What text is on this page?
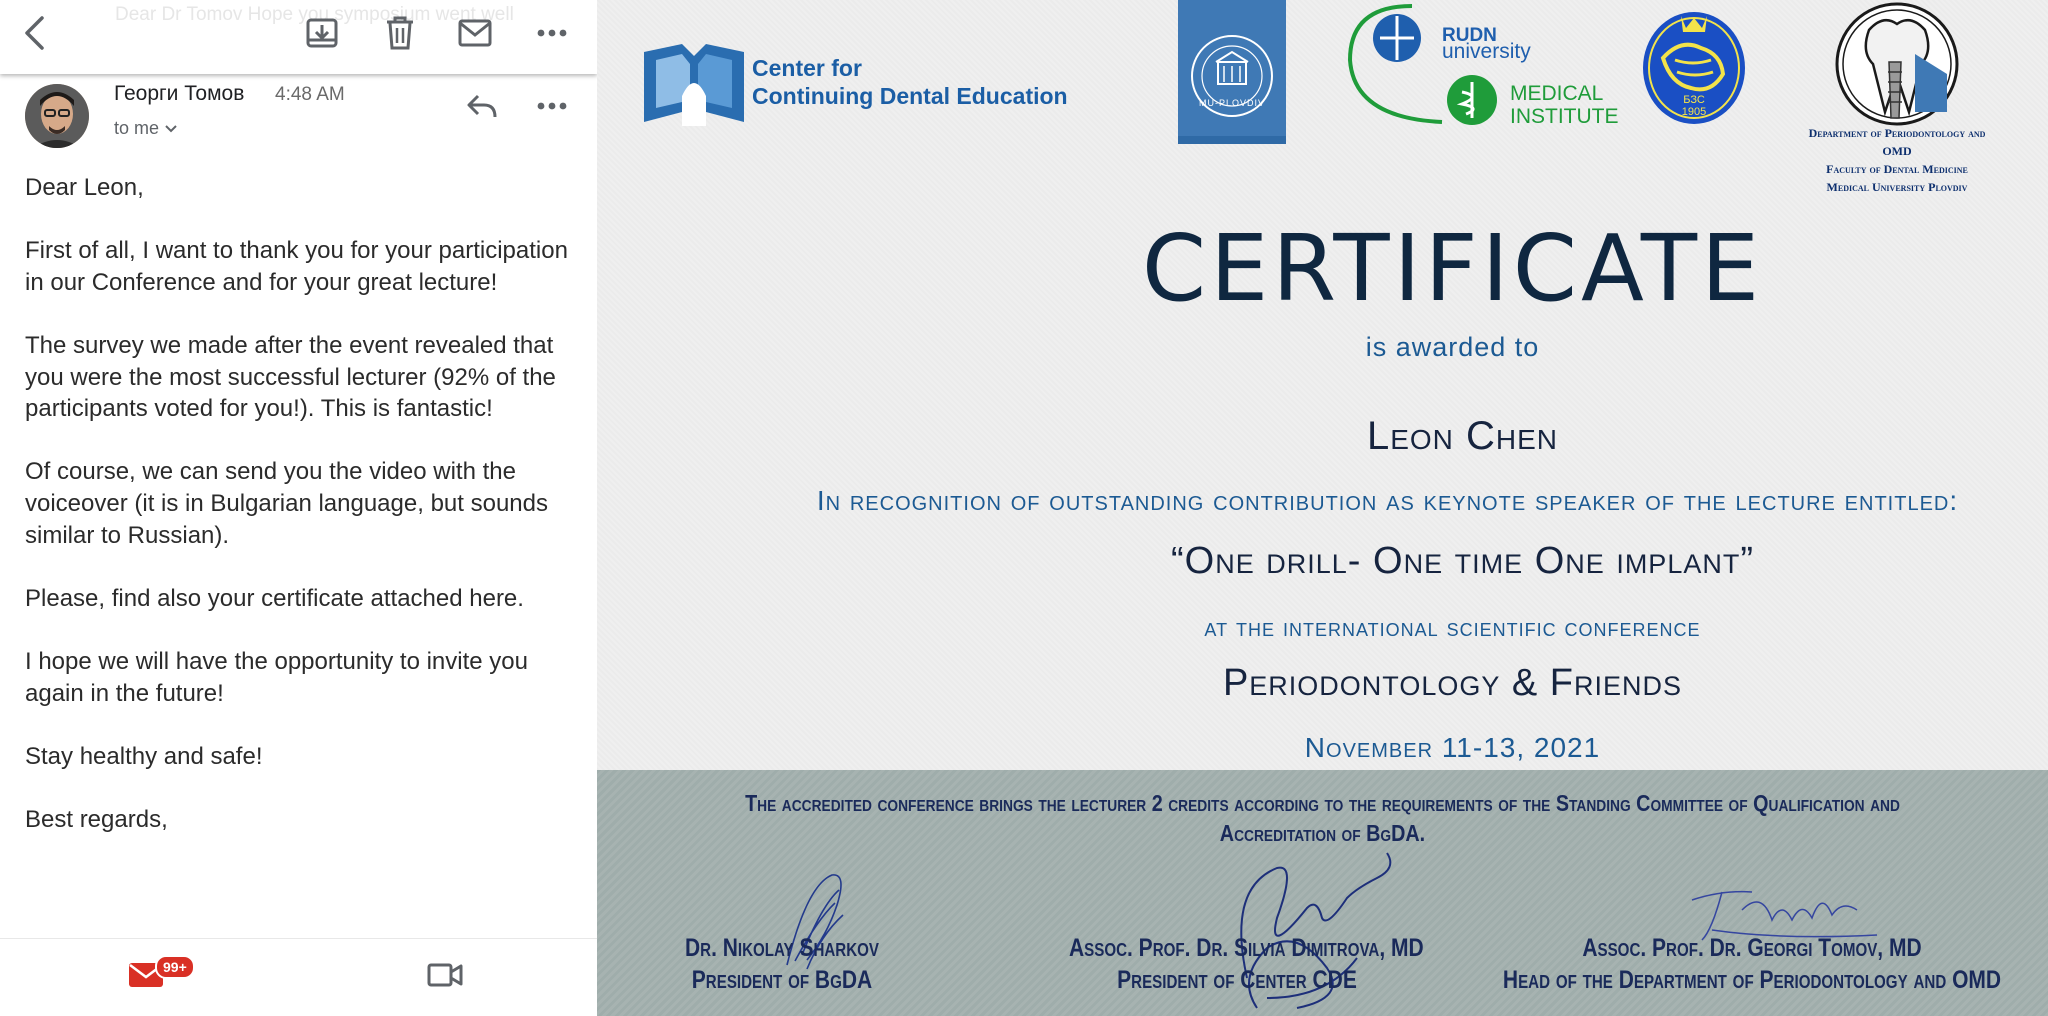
Dear Dr Tomov Hope you symposium went well
Георги Томов 4:48 AM
to me

Dear Leon,

First of all, I want to thank you for your participation in our Conference and for your great lecture!

The survey we made after the event revealed that you were the most successful lecturer (92% of the participants voted for you!). This is fantastic!

Of course, we can send you the video with the voiceover (it is in Bulgarian language, but sounds similar to Russian).

Please, find also your certificate attached here.

I hope we will have the opportunity to invite you again in the future!

Stay healthy and safe!

Best regards,

99+
Center for
Continuing Dental Education	MU-PLOVDIV
RUDN
university
MEDICAL
INSTITUTE
БЗС
1905
Department of Periodontology and OMD
Faculty of Dental Medicine
Medical University Plovdiv
CERTIFICATE
is awarded to
Leon Chen
In recognition of outstanding contribution as keynote speaker of the lecture entitled:
“One drill- One time One implant”
at the international scientific conference
Periodontology & Friends
November 11-13, 2021
The accredited conference brings the lecturer 2 credits according to the requirements of the Standing Committee of Qualification and Accreditation of BgDA.
Dr. Nikolay Sharkov
President of BgDA
Assoc. Prof. Dr. Silvia Dimitrova, MD
President of Center CDE
Assoc. Prof. Dr. Georgi Tomov, MD
Head of the Department of Periodontology and OMD
